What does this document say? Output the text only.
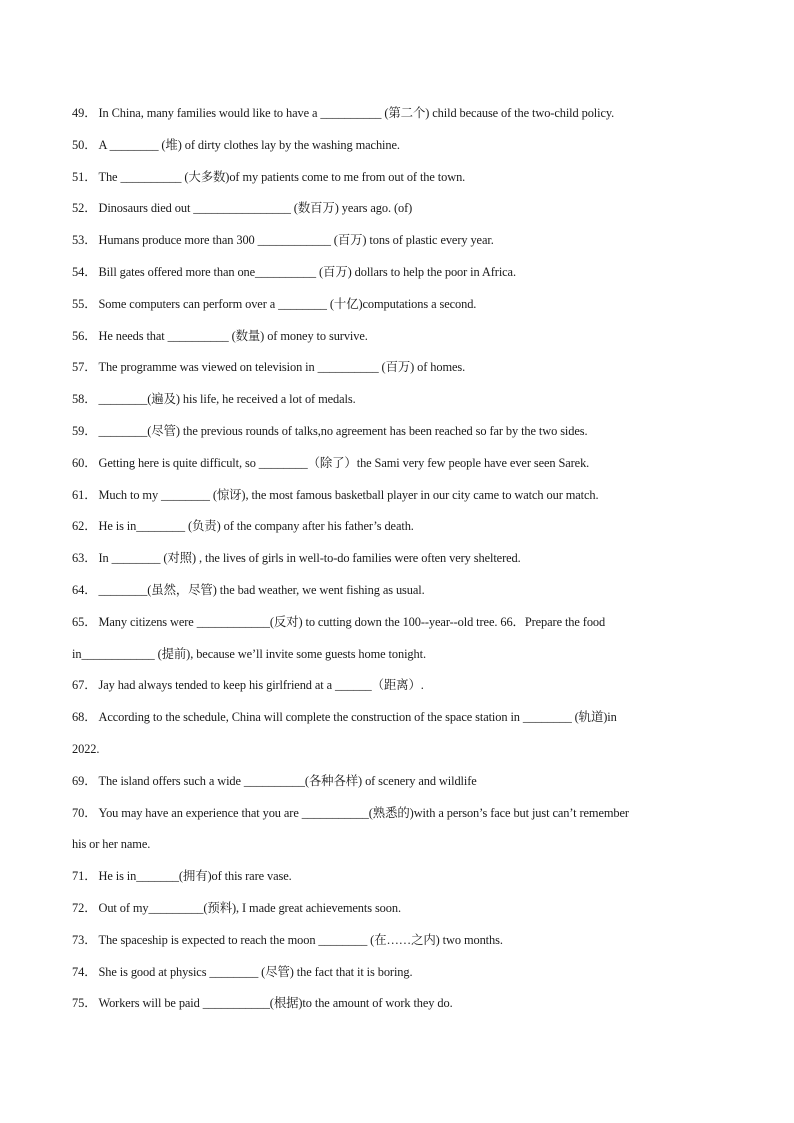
49． In China, many families would like to have a __________ (第二个) child because of the two-child policy.
50． A ________ (堆) of dirty clothes lay by the washing machine.
51． The __________ (大多数)of my patients come to me from out of the town.
52． Dinosaurs died out ________________ (数百万) years ago. (of)
53． Humans produce more than 300 ____________ (百万) tons of plastic every year.
54． Bill gates offered more than one__________ (百万) dollars to help the poor in Africa.
55． Some computers can perform over a ________ (十亿)computations a second.
56． He needs that __________ (数量) of money to survive.
57． The programme was viewed on television in __________ (百万) of homes.
58． ________(遍及) his life, he received a lot of medals.
59． ________(尽管) the previous rounds of talks,no agreement has been reached so far by the two sides.
60． Getting here is quite difficult, so ________（除了）the Sami very few people have ever seen Sarek.
61． Much to my ________ (惊讶), the most famous basketball player in our city came to watch our match.
62． He is in________ (负责) of the company after his father’s death.
63． In ________ (对照) , the lives of girls in well-to-do families were often very sheltered.
64． ________(虽然，尽管) the bad weather, we went fishing as usual.
65． Many citizens were ____________(反对) to cutting down the 100--year--old tree. 66．Prepare the food
in____________ (提前), because we’ll invite some guests home tonight.
67． Jay had always tended to keep his girlfriend at a ______（距离）.
68． According to the schedule, China will complete the construction of the space station in ________ (轨道)in
2022.
69． The island offers such a wide __________(各种各样) of scenery and wildlife
70． You may have an experience that you are ___________(熟悉的)with a person’s face but just can’t remember
his or her name.
71． He is in_______(拥有)of this rare vase.
72． Out of my_________(预料), I made great achievements soon.
73． The spaceship is expected to reach the moon ________ (在……之内) two months.
74． She is good at physics ________ (尽管) the fact that it is boring.
75． Workers will be paid ___________(根据)to the amount of work they do.
